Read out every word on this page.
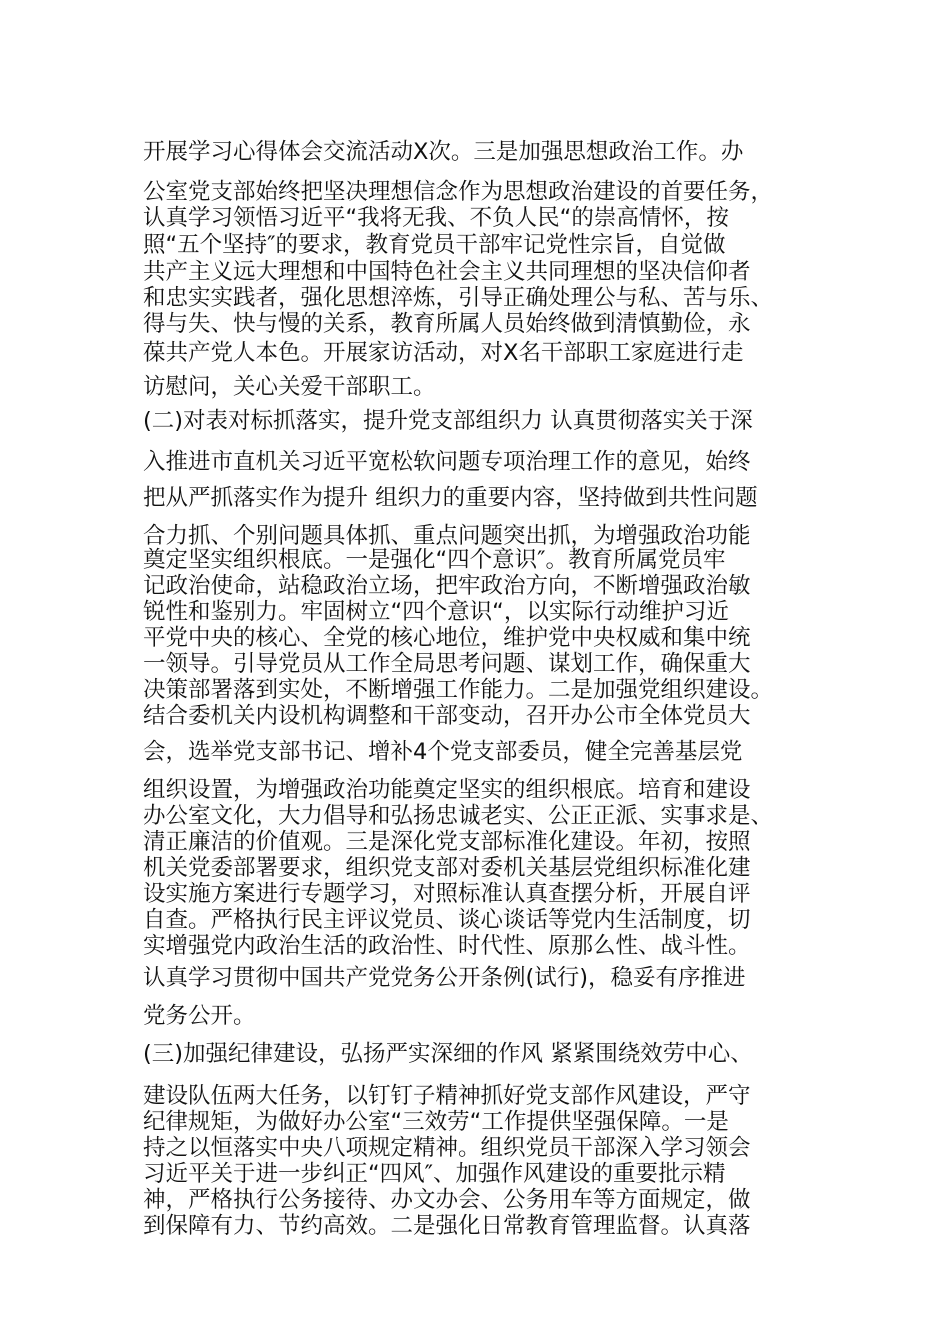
开展学习心得体会交流活动X次。三是加强思想政治工作。办

公室党支部始终把坚决理想信念作为思想政治建设的首要任务，

认真学习领悟习近平“我将无我、不负人民“的崇高情怀，按

照“五个坚持″的要求，教育党员干部牢记党性宗旨，自觉做

共产主义远大理想和中国特色社会主义共同理想的坚决信仰者

和忠实实践者，强化思想淬炼，引导正确处理公与私、苦与乐、

得与失、快与慢的关系，教育所属人员始终做到清慎勤俭，永

葆共产党人本色。开展家访活动，对X名干部职工家庭进行走

访慰问，关心关爱干部职工。

(二)对表对标抓落实，提升党支部组织力 认真贯彻落实关于深

入推进市直机关习近平宽松软问题专项治理工作的意见，始终

把从严抓落实作为提升 组织力的重要内容，坚持做到共性问题

合力抓、个别问题具体抓、重点问题突出抓，为增强政治功能

奠定坚实组织根底。一是强化“四个意识″。教育所属党员牢

记政治使命，站稳政治立场，把牢政治方向，不断增强政治敏

锐性和鉴别力。牢固树立“四个意识“，以实际行动维护习近

平党中央的核心、全党的核心地位，维护党中央权威和集中统

一领导。引导党员从工作全局思考问题、谋划工作，确保重大

决策部署落到实处，不断增强工作能力。二是加强党组织建设。

结合委机关内设机构调整和干部变动，召开办公市全体党员大

会，选举党支部书记、增补4个党支部委员，健全完善基层党

组织设置，为增强政治功能奠定坚实的组织根底。培育和建设

办公室文化，大力倡导和弘扬忠诚老实、公正正派、实事求是、

清正廉洁的价值观。三是深化党支部标准化建设。年初，按照

机关党委部署要求，组织党支部对委机关基层党组织标准化建

设实施方案进行专题学习，对照标准认真查摆分析，开展自评

自查。严格执行民主评议党员、谈心谈话等党内生活制度，切

实增强党内政治生活的政治性、时代性、原那么性、战斗性。

认真学习贯彻中国共产党党务公开条例(试行)，稳妥有序推进

党务公开。

(三)加强纪律建设，弘扬严实深细的作风 紧紧围绕效劳中心、

建设队伍两大任务，以钉钉子精神抓好党支部作风建设，严守

纪律规矩，为做好办公室“三效劳“工作提供坚强保障。一是

持之以恒落实中央八项规定精神。组织党员干部深入学习领会

习近平关于进一步纠正“四风″、加强作风建设的重要批示精

神，严格执行公务接待、办文办会、公务用车等方面规定，做

到保障有力、节约高效。二是强化日常教育管理监督。认真落
